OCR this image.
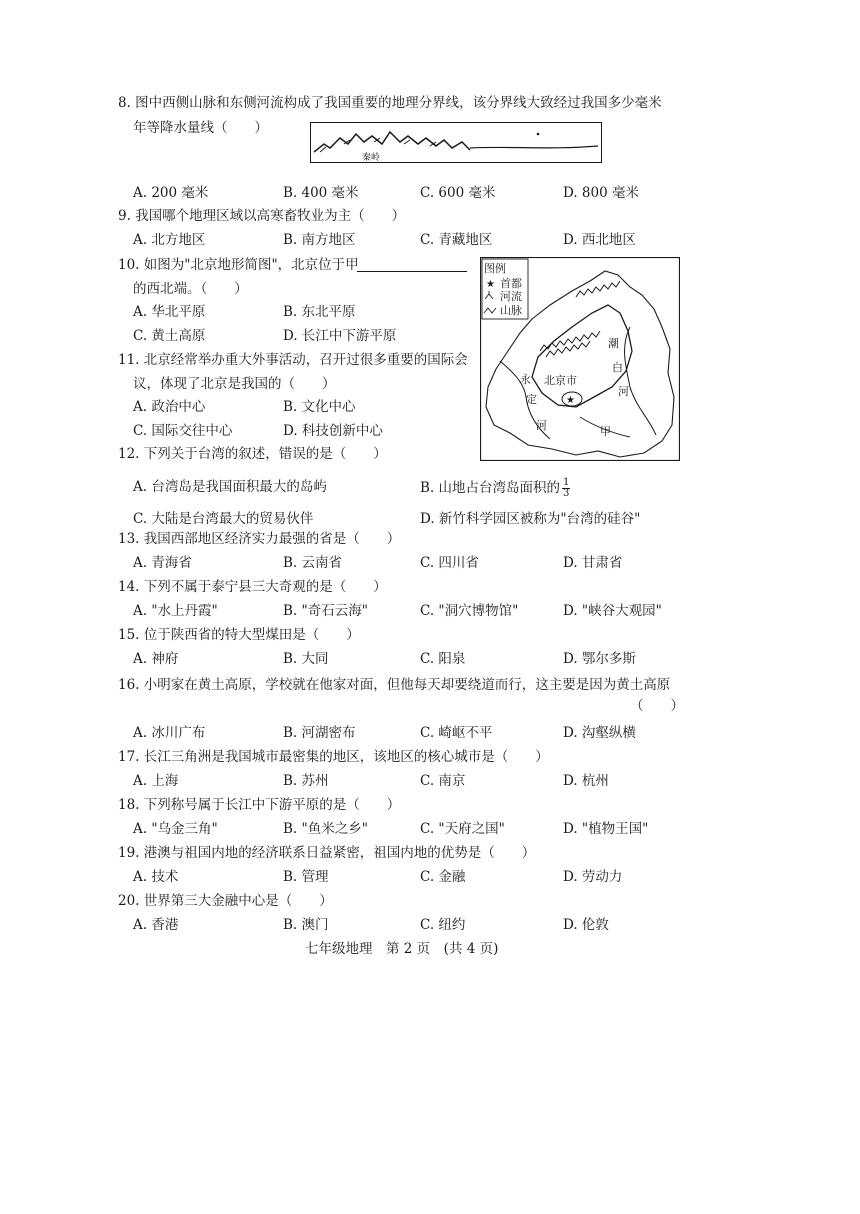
8. 图中西侧山脉和东侧河流构成了我国重要的地理分界线，该分界线大致经过我国多少毫米
年等降水量线（　　）
秦岭
A. 200 毫米	B. 400 毫米	C. 600 毫米	D. 800 毫米
9. 我国哪个地理区域以高寒畜牧业为主（　　）
A. 北方地区	B. 南方地区	C. 青藏地区	D. 西北地区
10. 如图为"北京地形简图"，北京位于甲
的西北端。（　　）
A. 华北平原	B. 东北平原
C. 黄土高原	D. 长江中下游平原
图例
★ 首都
河流
山脉
★
北京市
潮
白
河
永
定
河	甲
11. 北京经常举办重大外事活动，召开过很多重要的国际会
议，体现了北京是我国的（　　）
A. 政治中心	B. 文化中心
C. 国际交往中心	D. 科技创新中心
12. 下列关于台湾的叙述，错误的是（　　）
A. 台湾岛是我国面积最大的岛屿	B. 山地占台湾岛面积的 $\frac{1}{3}$
C. 大陆是台湾最大的贸易伙伴	D. 新竹科学园区被称为"台湾的硅谷"
13. 我国西部地区经济实力最强的省是（　　）
A. 青海省	B. 云南省	C. 四川省	D. 甘肃省
14. 下列不属于泰宁县三大奇观的是（　　）
A. "水上丹霞"	B. "奇石云海"	C. "洞穴博物馆"	D. "峡谷大观园"
15. 位于陕西省的特大型煤田是（　　）
A. 神府	B. 大同	C. 阳泉	D. 鄂尔多斯
16. 小明家在黄土高原，学校就在他家对面，但他每天却要绕道而行，这主要是因为黄土高原
（　　）
A. 冰川广布	B. 河湖密布	C. 崎岖不平	D. 沟壑纵横
17. 长江三角洲是我国城市最密集的地区，该地区的核心城市是（　　）
A. 上海	B. 苏州	C. 南京	D. 杭州
18. 下列称号属于长江中下游平原的是（　　）
A. "乌金三角"	B. "鱼米之乡"	C. "天府之国"	D. "植物王国"
19. 港澳与祖国内地的经济联系日益紧密，祖国内地的优势是（　　）
A. 技术	B. 管理	C. 金融	D. 劳动力
20. 世界第三大金融中心是（　　）
A. 香港	B. 澳门	C. 纽约	D. 伦敦
七年级地理　第 2 页　(共 4 页)
